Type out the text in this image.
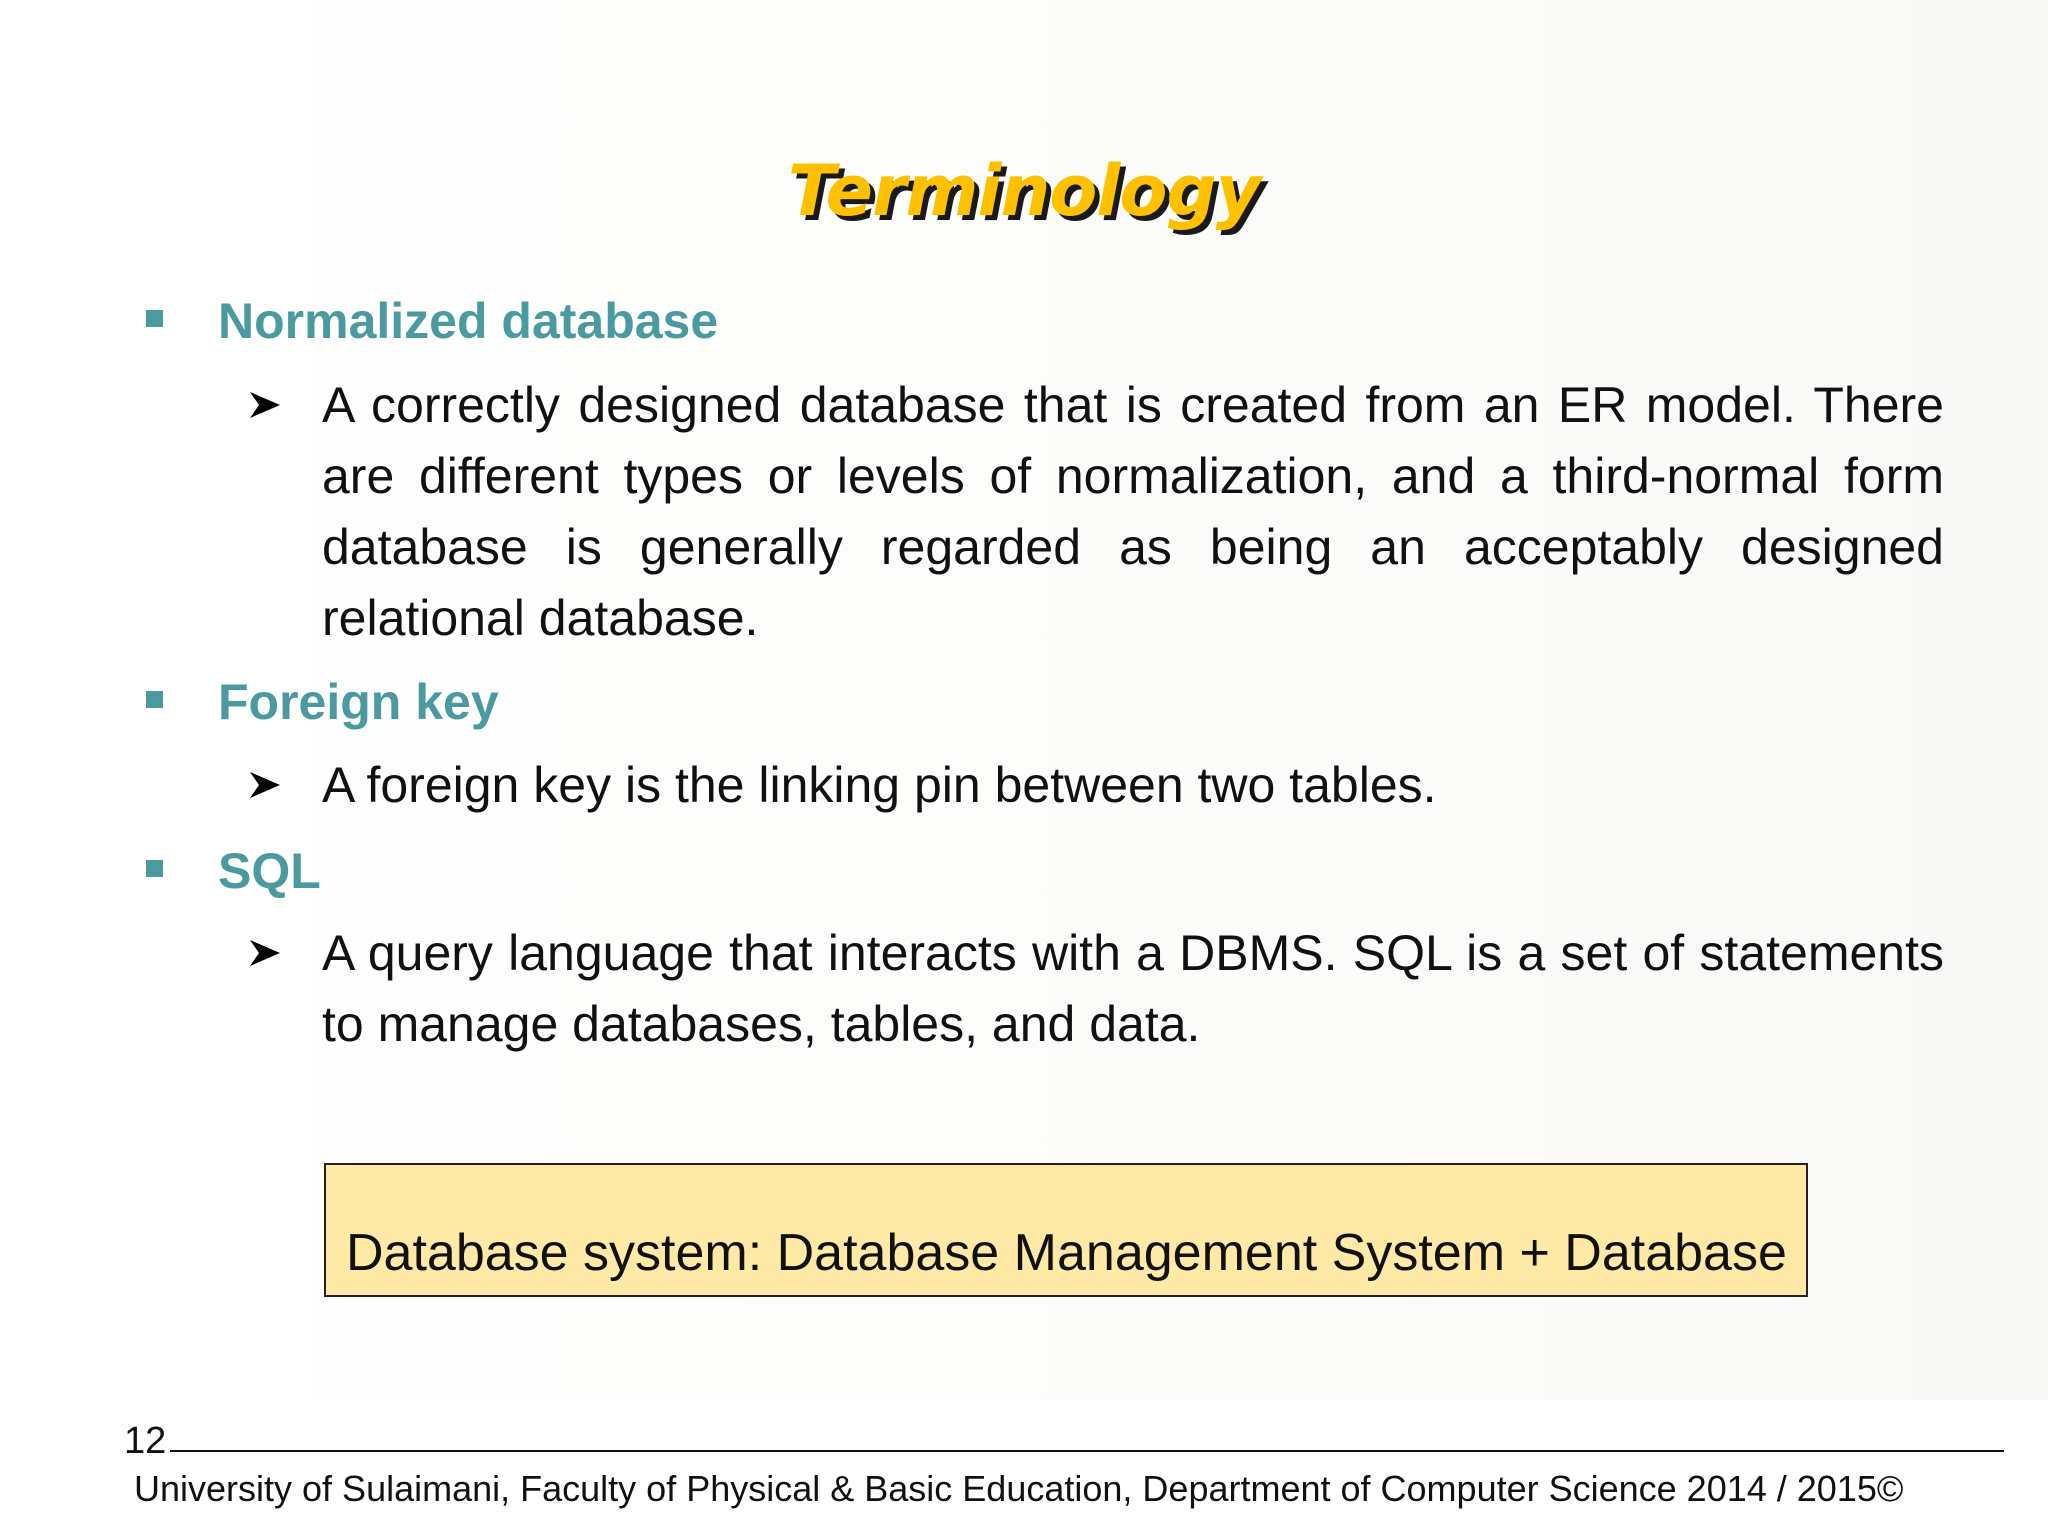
Terminology
Normalized database
A correctly designed database that is created from an ER model. There are different types or levels of normalization, and a third-normal form database is generally regarded as being an acceptably designed relational database.
Foreign key
A foreign key is the linking pin between two tables.
SQL
A query language that interacts with a DBMS. SQL is a set of statements to manage databases, tables, and data.
Database system: Database Management System + Database
12
University of Sulaimani, Faculty of Physical & Basic Education, Department of Computer Science 2014 / 2015©
